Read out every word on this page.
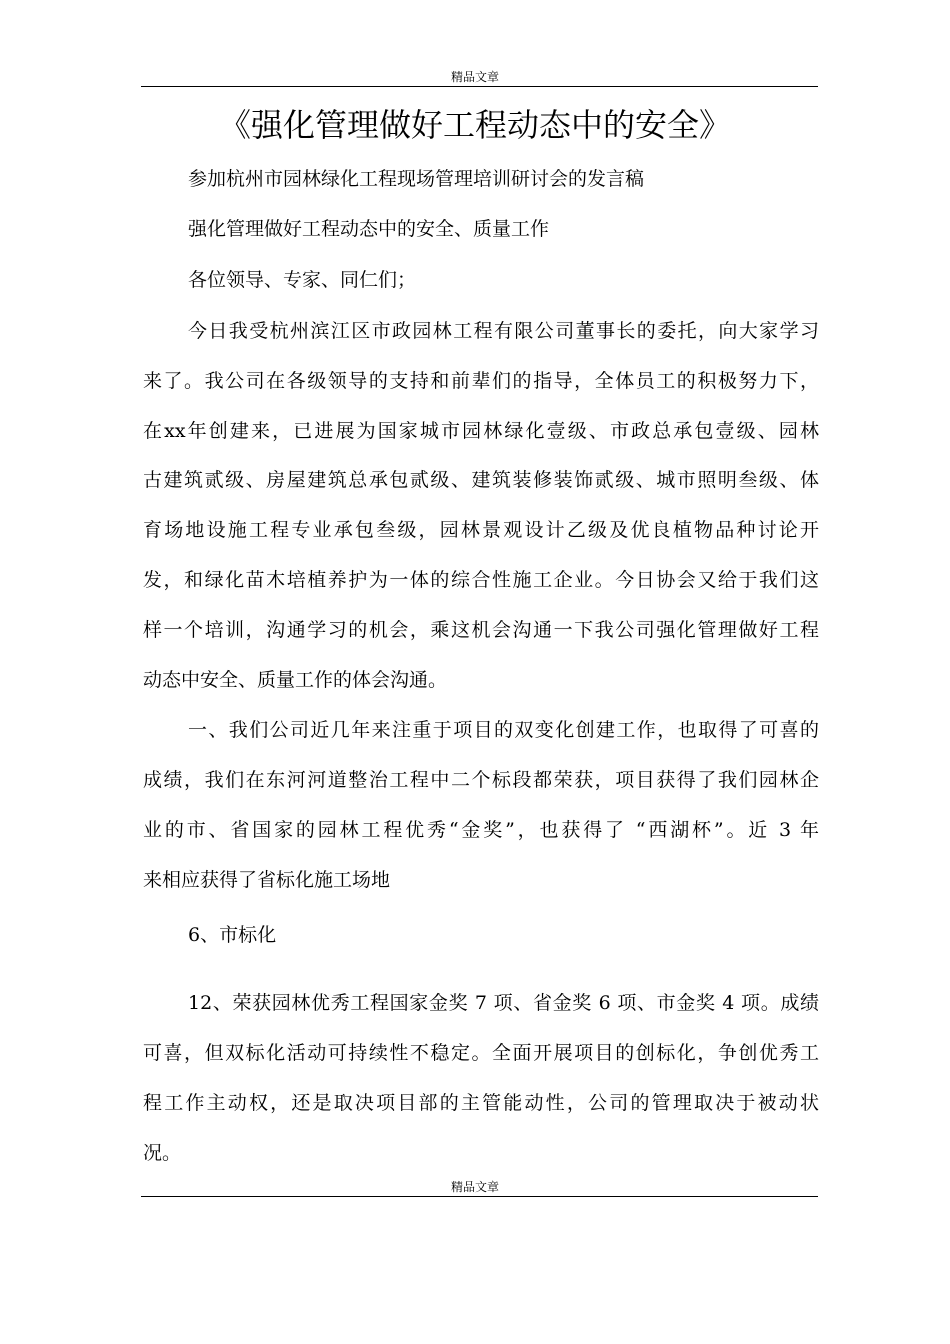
精品文章
《强化管理做好工程动态中的安全》
参加杭州市园林绿化工程现场管理培训研讨会的发言稿
强化管理做好工程动态中的安全、质量工作
各位领导、专家、同仁们；
今日我受杭州滨江区市政园林工程有限公司董事长的委托，向大家学习
来了。我公司在各级领导的支持和前辈们的指导，全体员工的积极努力下，
在xx年创建来，已进展为国家城市园林绿化壹级、市政总承包壹级、园林
古建筑贰级、房屋建筑总承包贰级、建筑装修装饰贰级、城市照明叁级、体
育场地设施工程专业承包叁级，园林景观设计乙级及优良植物品种讨论开
发，和绿化苗木培植养护为一体的综合性施工企业。今日协会又给于我们这
样一个培训，沟通学习的机会，乘这机会沟通一下我公司强化管理做好工程
动态中安全、质量工作的体会沟通。
一、我们公司近几年来注重于项目的双变化创建工作，也取得了可喜的
成绩，我们在东河河道整治工程中二个标段都荣获，项目获得了我们园林企
业的市、省国家的园林工程优秀“金奖”，也获得了 “西湖杯”。近 3 年
来相应获得了省标化施工场地
6、市标化
12、荣获园林优秀工程国家金奖 7 项、省金奖 6 项、市金奖 4 项。成绩
可喜，但双标化活动可持续性不稳定。全面开展项目的创标化，争创优秀工
程工作主动权，还是取决项目部的主管能动性，公司的管理取决于被动状
况。
精品文章
